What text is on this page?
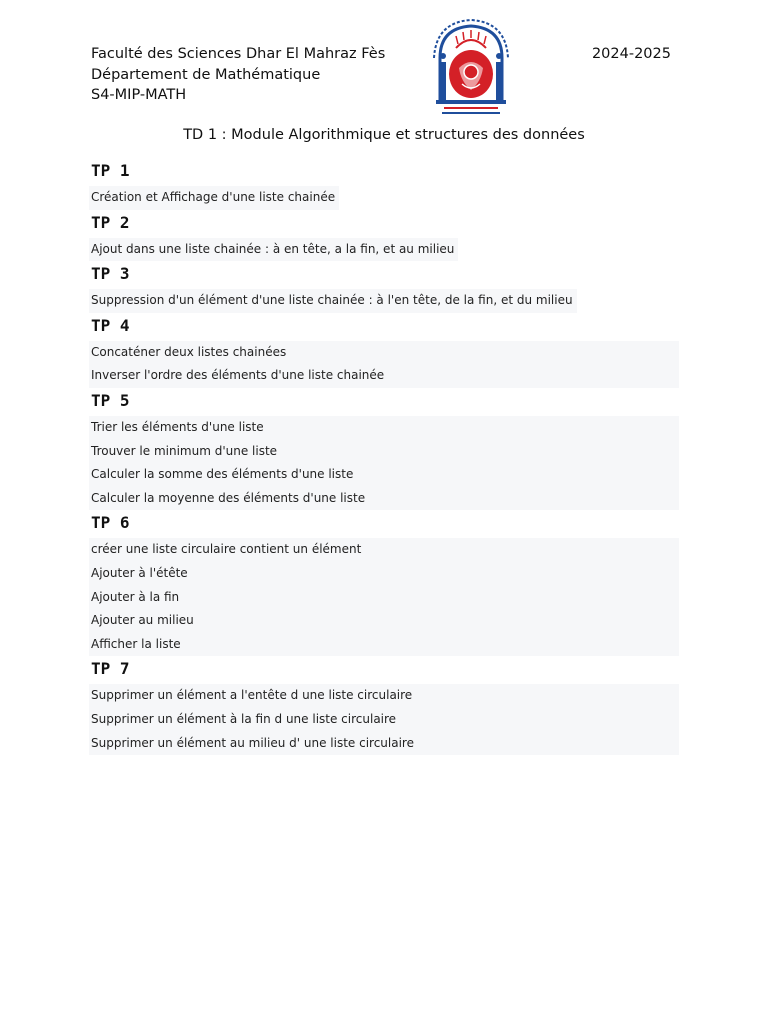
Faculté des Sciences Dhar El Mahraz Fès
Département de Mathématique
S4-MIP-MATH
2024-2025
TD 1 : Module Algorithmique et structures des données
TP 1
Création et Affichage d'une liste chainée
TP 2
Ajout dans une liste chainée : à en tête, a la fin, et au milieu
TP 3
Suppression d'un élément d'une liste chainée : à l'en tête, de la fin, et du milieu
TP 4
Concaténer deux listes chainées
Inverser l'ordre des éléments d'une liste chainée
TP 5
Trier les éléments d'une liste
Trouver le minimum d'une liste
Calculer la somme des éléments d'une liste
Calculer la moyenne des éléments d'une liste
TP 6
créer une liste circulaire contient un élément
Ajouter à l'étête
Ajouter à la fin
Ajouter au milieu
Afficher la liste
TP 7
Supprimer un élément a l'entête d une liste circulaire
Supprimer un élément à la fin d une liste circulaire
Supprimer un élément au milieu d' une liste circulaire
